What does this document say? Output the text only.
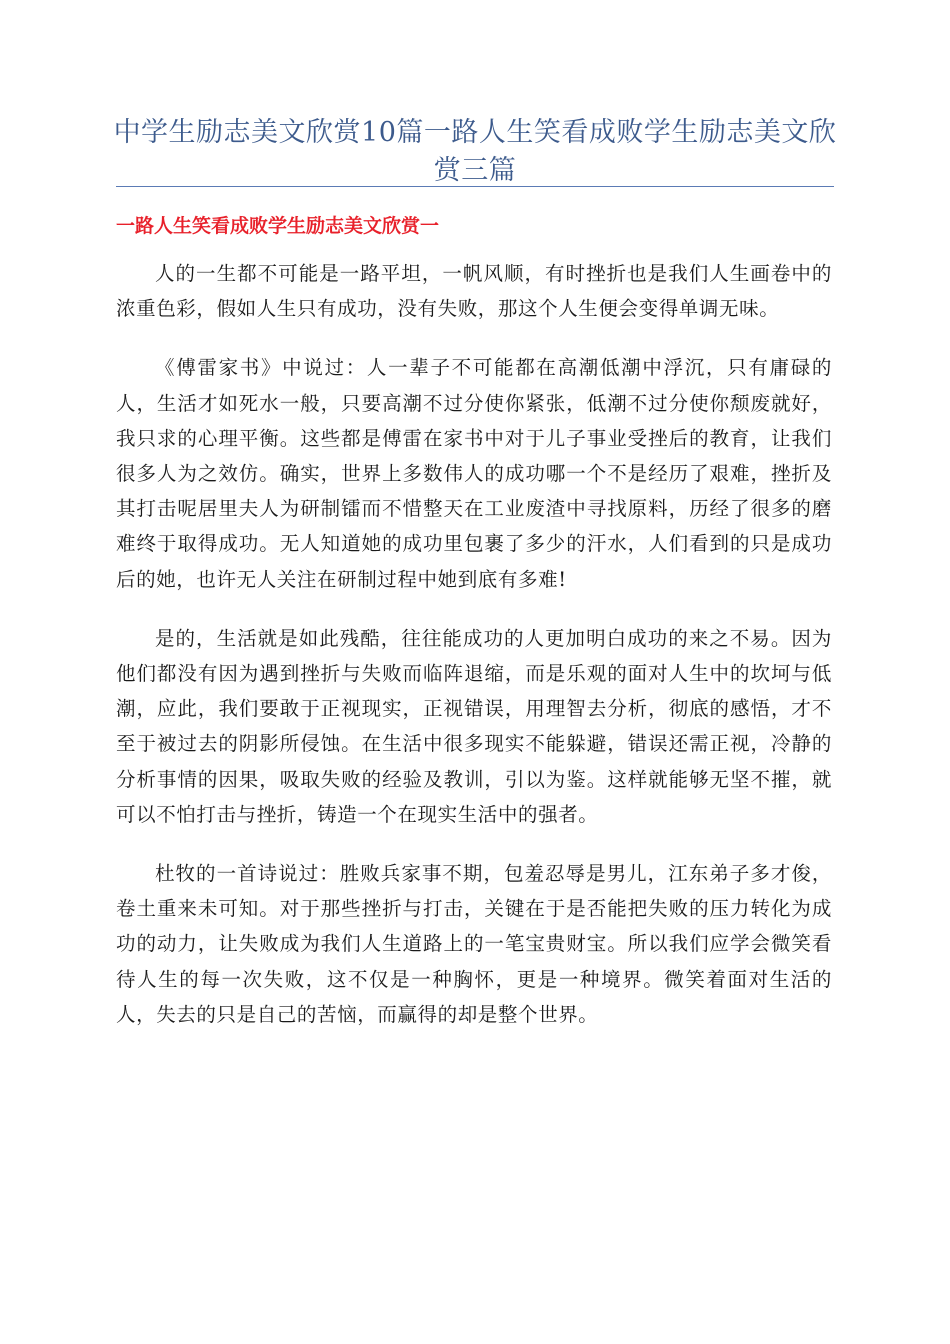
中学生励志美文欣赏10篇一路人生笑看成败学生励志美文欣赏三篇
一路人生笑看成败学生励志美文欣赏一

人的一生都不可能是一路平坦，一帆风顺，有时挫折也是我们人生画卷中的浓重色彩，假如人生只有成功，没有失败，那这个人生便会变得单调无味。

《傅雷家书》中说过：人一辈子不可能都在高潮低潮中浮沉，只有庸碌的人，生活才如死水一般，只要高潮不过分使你紧张，低潮不过分使你颓废就好，我只求的心理平衡。这些都是傅雷在家书中对于儿子事业受挫后的教育，让我们很多人为之效仿。确实，世界上多数伟人的成功哪一个不是经历了艰难，挫折及其打击呢居里夫人为研制镭而不惜整天在工业废渣中寻找原料，历经了很多的磨难终于取得成功。无人知道她的成功里包裹了多少的汗水，人们看到的只是成功后的她，也许无人关注在研制过程中她到底有多难!

是的，生活就是如此残酷，往往能成功的人更加明白成功的来之不易。因为他们都没有因为遇到挫折与失败而临阵退缩，而是乐观的面对人生中的坎坷与低潮，应此，我们要敢于正视现实，正视错误，用理智去分析，彻底的感悟，才不至于被过去的阴影所侵蚀。在生活中很多现实不能躲避，错误还需正视，冷静的分析事情的因果，吸取失败的经验及教训，引以为鉴。这样就能够无坚不摧，就可以不怕打击与挫折，铸造一个在现实生活中的强者。

杜牧的一首诗说过：胜败兵家事不期，包羞忍辱是男儿，江东弟子多才俊，卷土重来未可知。对于那些挫折与打击，关键在于是否能把失败的压力转化为成功的动力，让失败成为我们人生道路上的一笔宝贵财宝。所以我们应学会微笑看待人生的每一次失败，这不仅是一种胸怀，更是一种境界。微笑着面对生活的人，失去的只是自己的苦恼，而赢得的却是整个世界。
